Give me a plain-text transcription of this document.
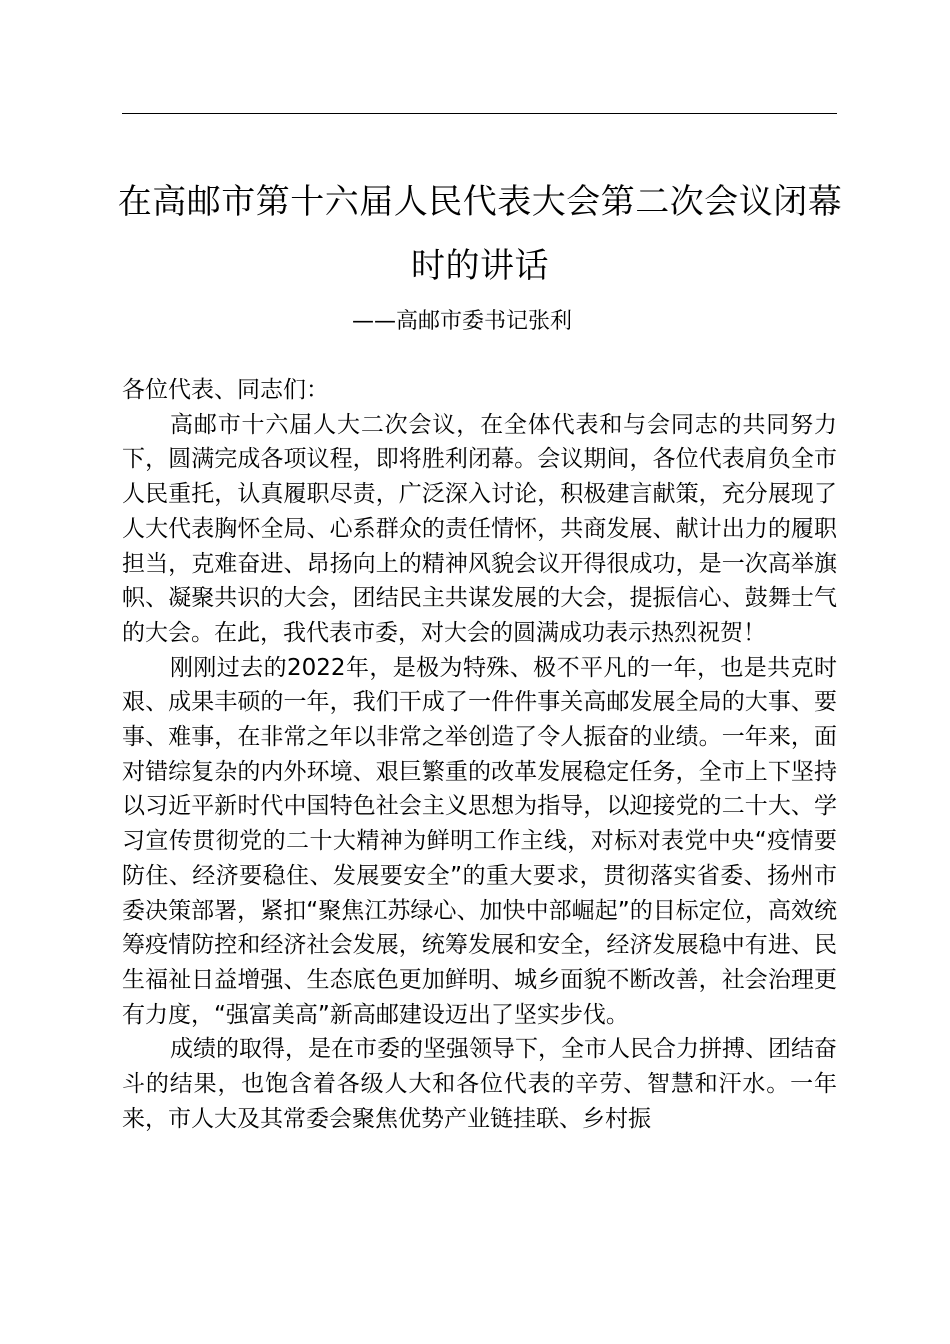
在高邮市第十六届人民代表大会第二次会议闭幕时的讲话
——高邮市委书记张利

各位代表、同志们：

高邮市十六届人大二次会议，在全体代表和与会同志的共同努力下，圆满完成各项议程，即将胜利闭幕。会议期间，各位代表肩负全市人民重托，认真履职尽责，广泛深入讨论，积极建言献策，充分展现了人大代表胸怀全局、心系群众的责任情怀，共商发展、献计出力的履职担当，克难奋进、昂扬向上的精神风貌会议开得很成功，是一次高举旗帜、凝聚共识的大会，团结民主共谋发展的大会，提振信心、鼓舞士气的大会。在此，我代表市委，对大会的圆满成功表示热烈祝贺！

刚刚过去的2022年，是极为特殊、极不平凡的一年，也是共克时艰、成果丰硕的一年，我们干成了一件件事关高邮发展全局的大事、要事、难事，在非常之年以非常之举创造了令人振奋的业绩。一年来，面对错综复杂的内外环境、艰巨繁重的改革发展稳定任务，全市上下坚持以习近平新时代中国特色社会主义思想为指导，以迎接党的二十大、学习宣传贯彻党的二十大精神为鲜明工作主线，对标对表党中央“疫情要防住、经济要稳住、发展要安全”的重大要求，贯彻落实省委、扬州市委决策部署，紧扣“聚焦江苏绿心、加快中部崛起”的目标定位，高效统筹疫情防控和经济社会发展，统筹发展和安全，经济发展稳中有进、民生福祉日益增强、生态底色更加鲜明、城乡面貌不断改善，社会治理更有力度，“强富美高”新高邮建设迈出了坚实步伐。

成绩的取得，是在市委的坚强领导下，全市人民合力拼搏、团结奋斗的结果，也饱含着各级人大和各位代表的辛劳、智慧和汗水。一年来，市人大及其常委会聚焦优势产业链挂联、乡村振
